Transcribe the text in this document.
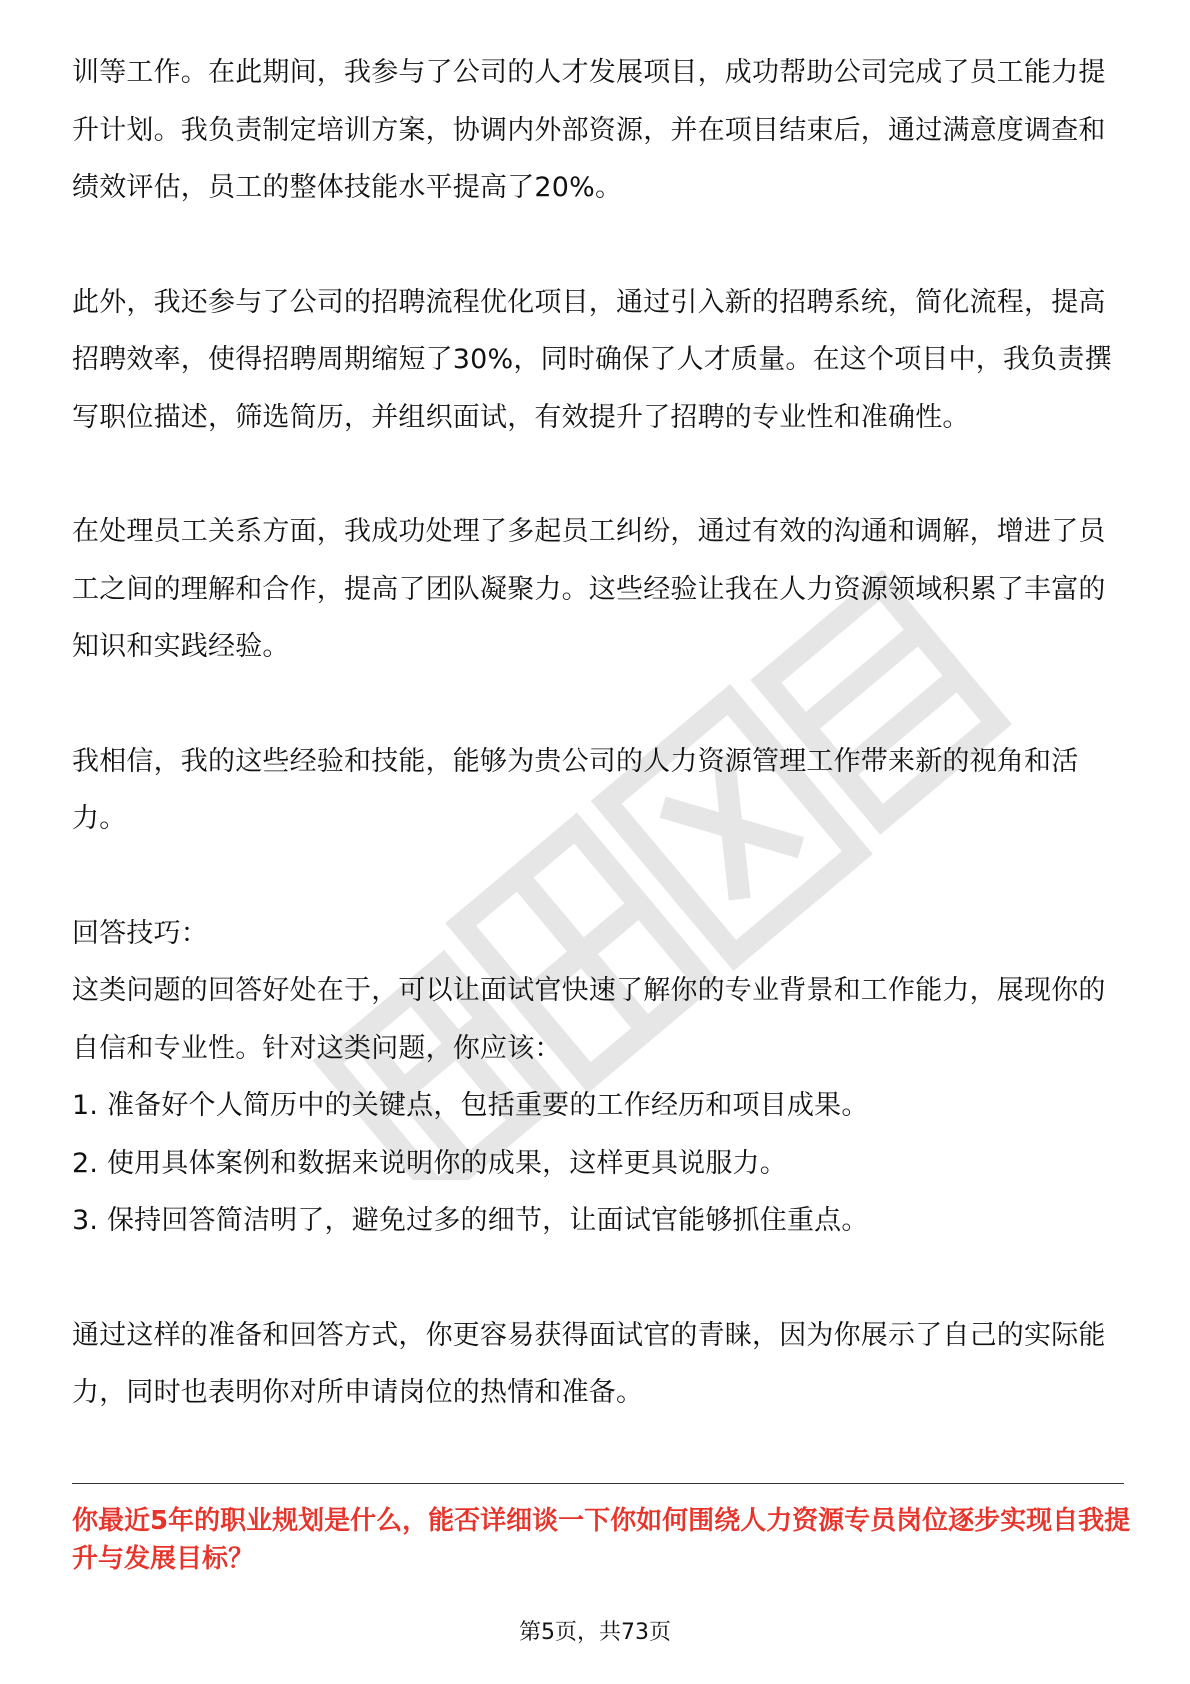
训等工作。在此期间，我参与了公司的人才发展项目，成功帮助公司完成了员工能力提升计划。我负责制定培训方案，协调内外部资源，并在项目结束后，通过满意度调查和绩效评估，员工的整体技能水平提高了20%。

此外，我还参与了公司的招聘流程优化项目，通过引入新的招聘系统，简化流程，提高招聘效率，使得招聘周期缩短了30%，同时确保了人才质量。在这个项目中，我负责撰写职位描述，筛选简历，并组织面试，有效提升了招聘的专业性和准确性。

在处理员工关系方面，我成功处理了多起员工纠纷，通过有效的沟通和调解，增进了员工之间的理解和合作，提高了团队凝聚力。这些经验让我在人力资源领域积累了丰富的知识和实践经验。

我相信，我的这些经验和技能，能够为贵公司的人力资源管理工作带来新的视角和活力。

回答技巧：

这类问题的回答好处在于，可以让面试官快速了解你的专业背景和工作能力，展现你的自信和专业性。针对这类问题，你应该：

1. 准备好个人简历中的关键点，包括重要的工作经历和项目成果。

2. 使用具体案例和数据来说明你的成果，这样更具说服力。

3. 保持回答简洁明了，避免过多的细节，让面试官能够抓住重点。

通过这样的准备和回答方式，你更容易获得面试官的青睐，因为你展示了自己的实际能力，同时也表明你对所申请岗位的热情和准备。

你最近5年的职业规划是什么，能否详细谈一下你如何围绕人力资源专员岗位逐步实现自我提升与发展目标？

第5页，共73页
